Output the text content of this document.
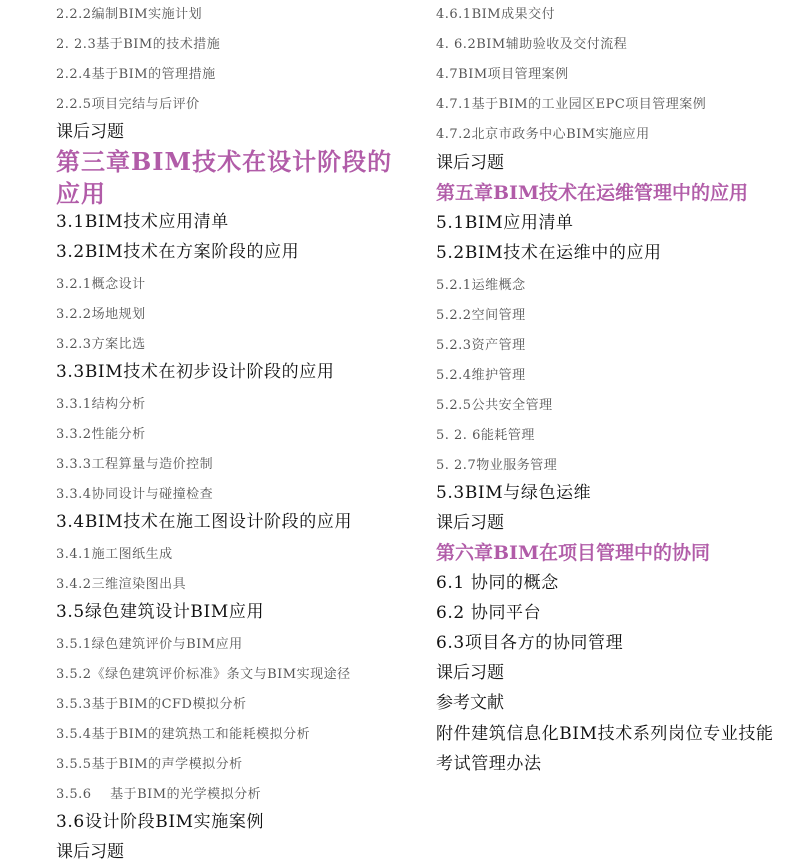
2.2.2编制BIM实施计划
2. 2.3基于BIM的技术措施
2.2.4基于BIM的管理措施
2.2.5项目完结与后评价
课后习题
第三章BIM技术在设计阶段的应用
3.1BIM技术应用清单
3.2BIM技术在方案阶段的应用
3.2.1概念设计
3.2.2场地规划
3.2.3方案比选
3.3BIM技术在初步设计阶段的应用
3.3.1结构分析
3.3.2性能分析
3.3.3工程算量与造价控制
3.3.4协同设计与碰撞检查
3.4BIM技术在施工图设计阶段的应用
3.4.1施工图纸生成
3.4.2三维渲染图出具
3.5绿色建筑设计BIM应用
3.5.1绿色建筑评价与BIM应用
3.5.2《绿色建筑评价标准》条文与BIM实现途径
3.5.3基于BIM的CFD模拟分析
3.5.4基于BIM的建筑热工和能耗模拟分析
3.5.5基于BIM的声学模拟分析
3.5.6    基于BIM的光学模拟分析
3.6设计阶段BIM实施案例
课后习题
4.6.1BIM成果交付
4. 6.2BIM辅助验收及交付流程
4.7BIM项目管理案例
4.7.1基于BIM的工业园区EPC项目管理案例
4.7.2北京市政务中心BIM实施应用
课后习题
第五章BIM技术在运维管理中的应用
5.1BIM应用清单
5.2BIM技术在运维中的应用
5.2.1运维概念
5.2.2空间管理
5.2.3资产管理
5.2.4维护管理
5.2.5公共安全管理
5. 2. 6能耗管理
5. 2.7物业服务管理
5.3BIM与绿色运维
课后习题
第六章BIM在项目管理中的协同
6.1 协同的概念
6.2 协同平台
6.3项目各方的协同管理
课后习题
参考文献
附件建筑信息化BIM技术系列岗位专业技能考试管理办法
